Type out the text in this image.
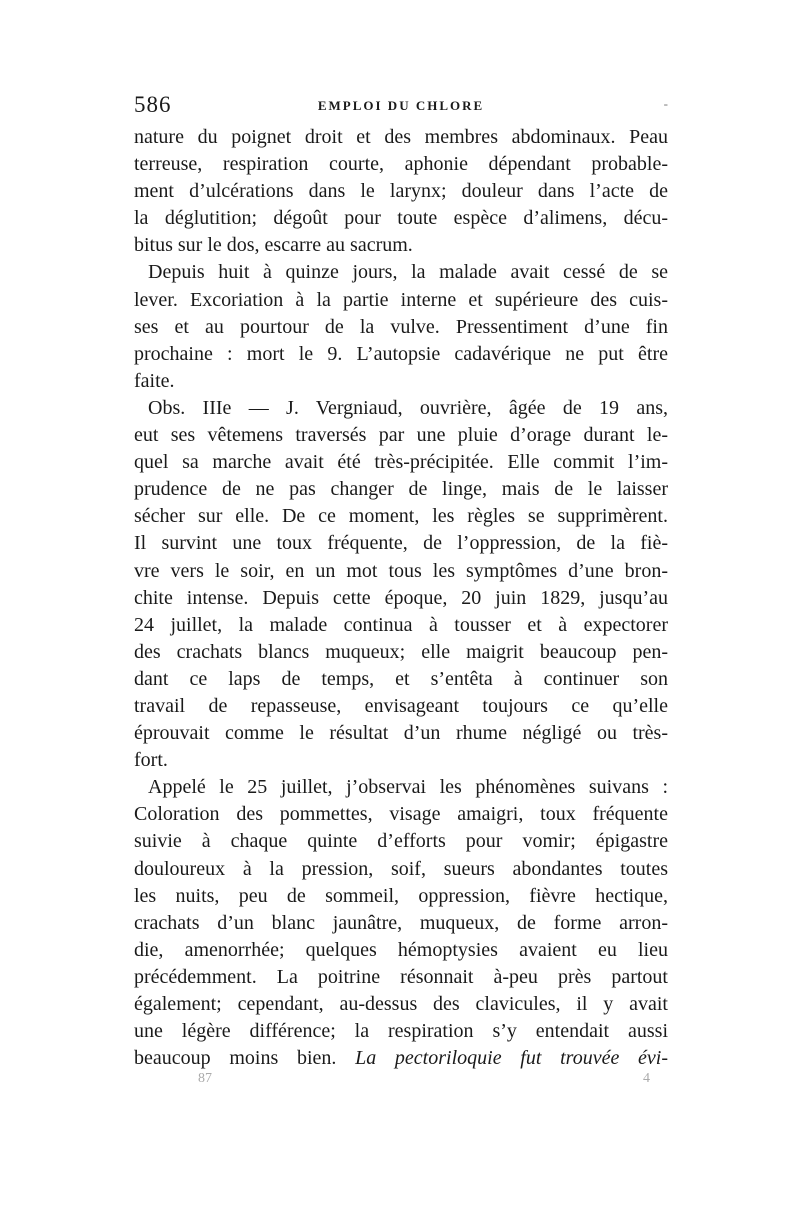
586	EMPLOI DU CHLORE	-
nature du poignet droit et des membres abdominaux. Peau
terreuse, respiration courte, aphonie dépendant probable-
ment d’ulcérations dans le larynx; douleur dans l’acte de
la déglutition; dégoût pour toute espèce d’alimens, décu-
bitus sur le dos, escarre au sacrum.
Depuis huit à quinze jours, la malade avait cessé de se
lever. Excoriation à la partie interne et supérieure des cuis-
ses et au pourtour de la vulve. Pressentiment d’une fin
prochaine : mort le 9. L’autopsie cadavérique ne put être
faite.
Obs. IIIe — J. Vergniaud, ouvrière, âgée de 19 ans,
eut ses vêtemens traversés par une pluie d’orage durant le-
quel sa marche avait été très-précipitée. Elle commit l’im-
prudence de ne pas changer de linge, mais de le laisser
sécher sur elle. De ce moment, les règles se supprimèrent.
Il survint une toux fréquente, de l’oppression, de la fiè-
vre vers le soir, en un mot tous les symptômes d’une bron-
chite intense. Depuis cette époque, 20 juin 1829, jusqu’au
24 juillet, la malade continua à tousser et à expectorer
des crachats blancs muqueux; elle maigrit beaucoup pen-
dant ce laps de temps, et s’entêta à continuer son
travail de repasseuse, envisageant toujours ce qu’elle
éprouvait comme le résultat d’un rhume négligé ou très-
fort.
Appelé le 25 juillet, j’observai les phénomènes suivans :
Coloration des pommettes, visage amaigri, toux fréquente
suivie à chaque quinte d’efforts pour vomir; épigastre
douloureux à la pression, soif, sueurs abondantes toutes
les nuits, peu de sommeil, oppression, fièvre hectique,
crachats d’un blanc jaunâtre, muqueux, de forme arron-
die, amenorrhée; quelques hémoptysies avaient eu lieu
précédemment. La poitrine résonnait à-peu près partout
également; cependant, au-dessus des clavicules, il y avait
une légère différence; la respiration s’y entendait aussi
beaucoup moins bien. La pectoriloquie fut trouvée évi-
87	4
